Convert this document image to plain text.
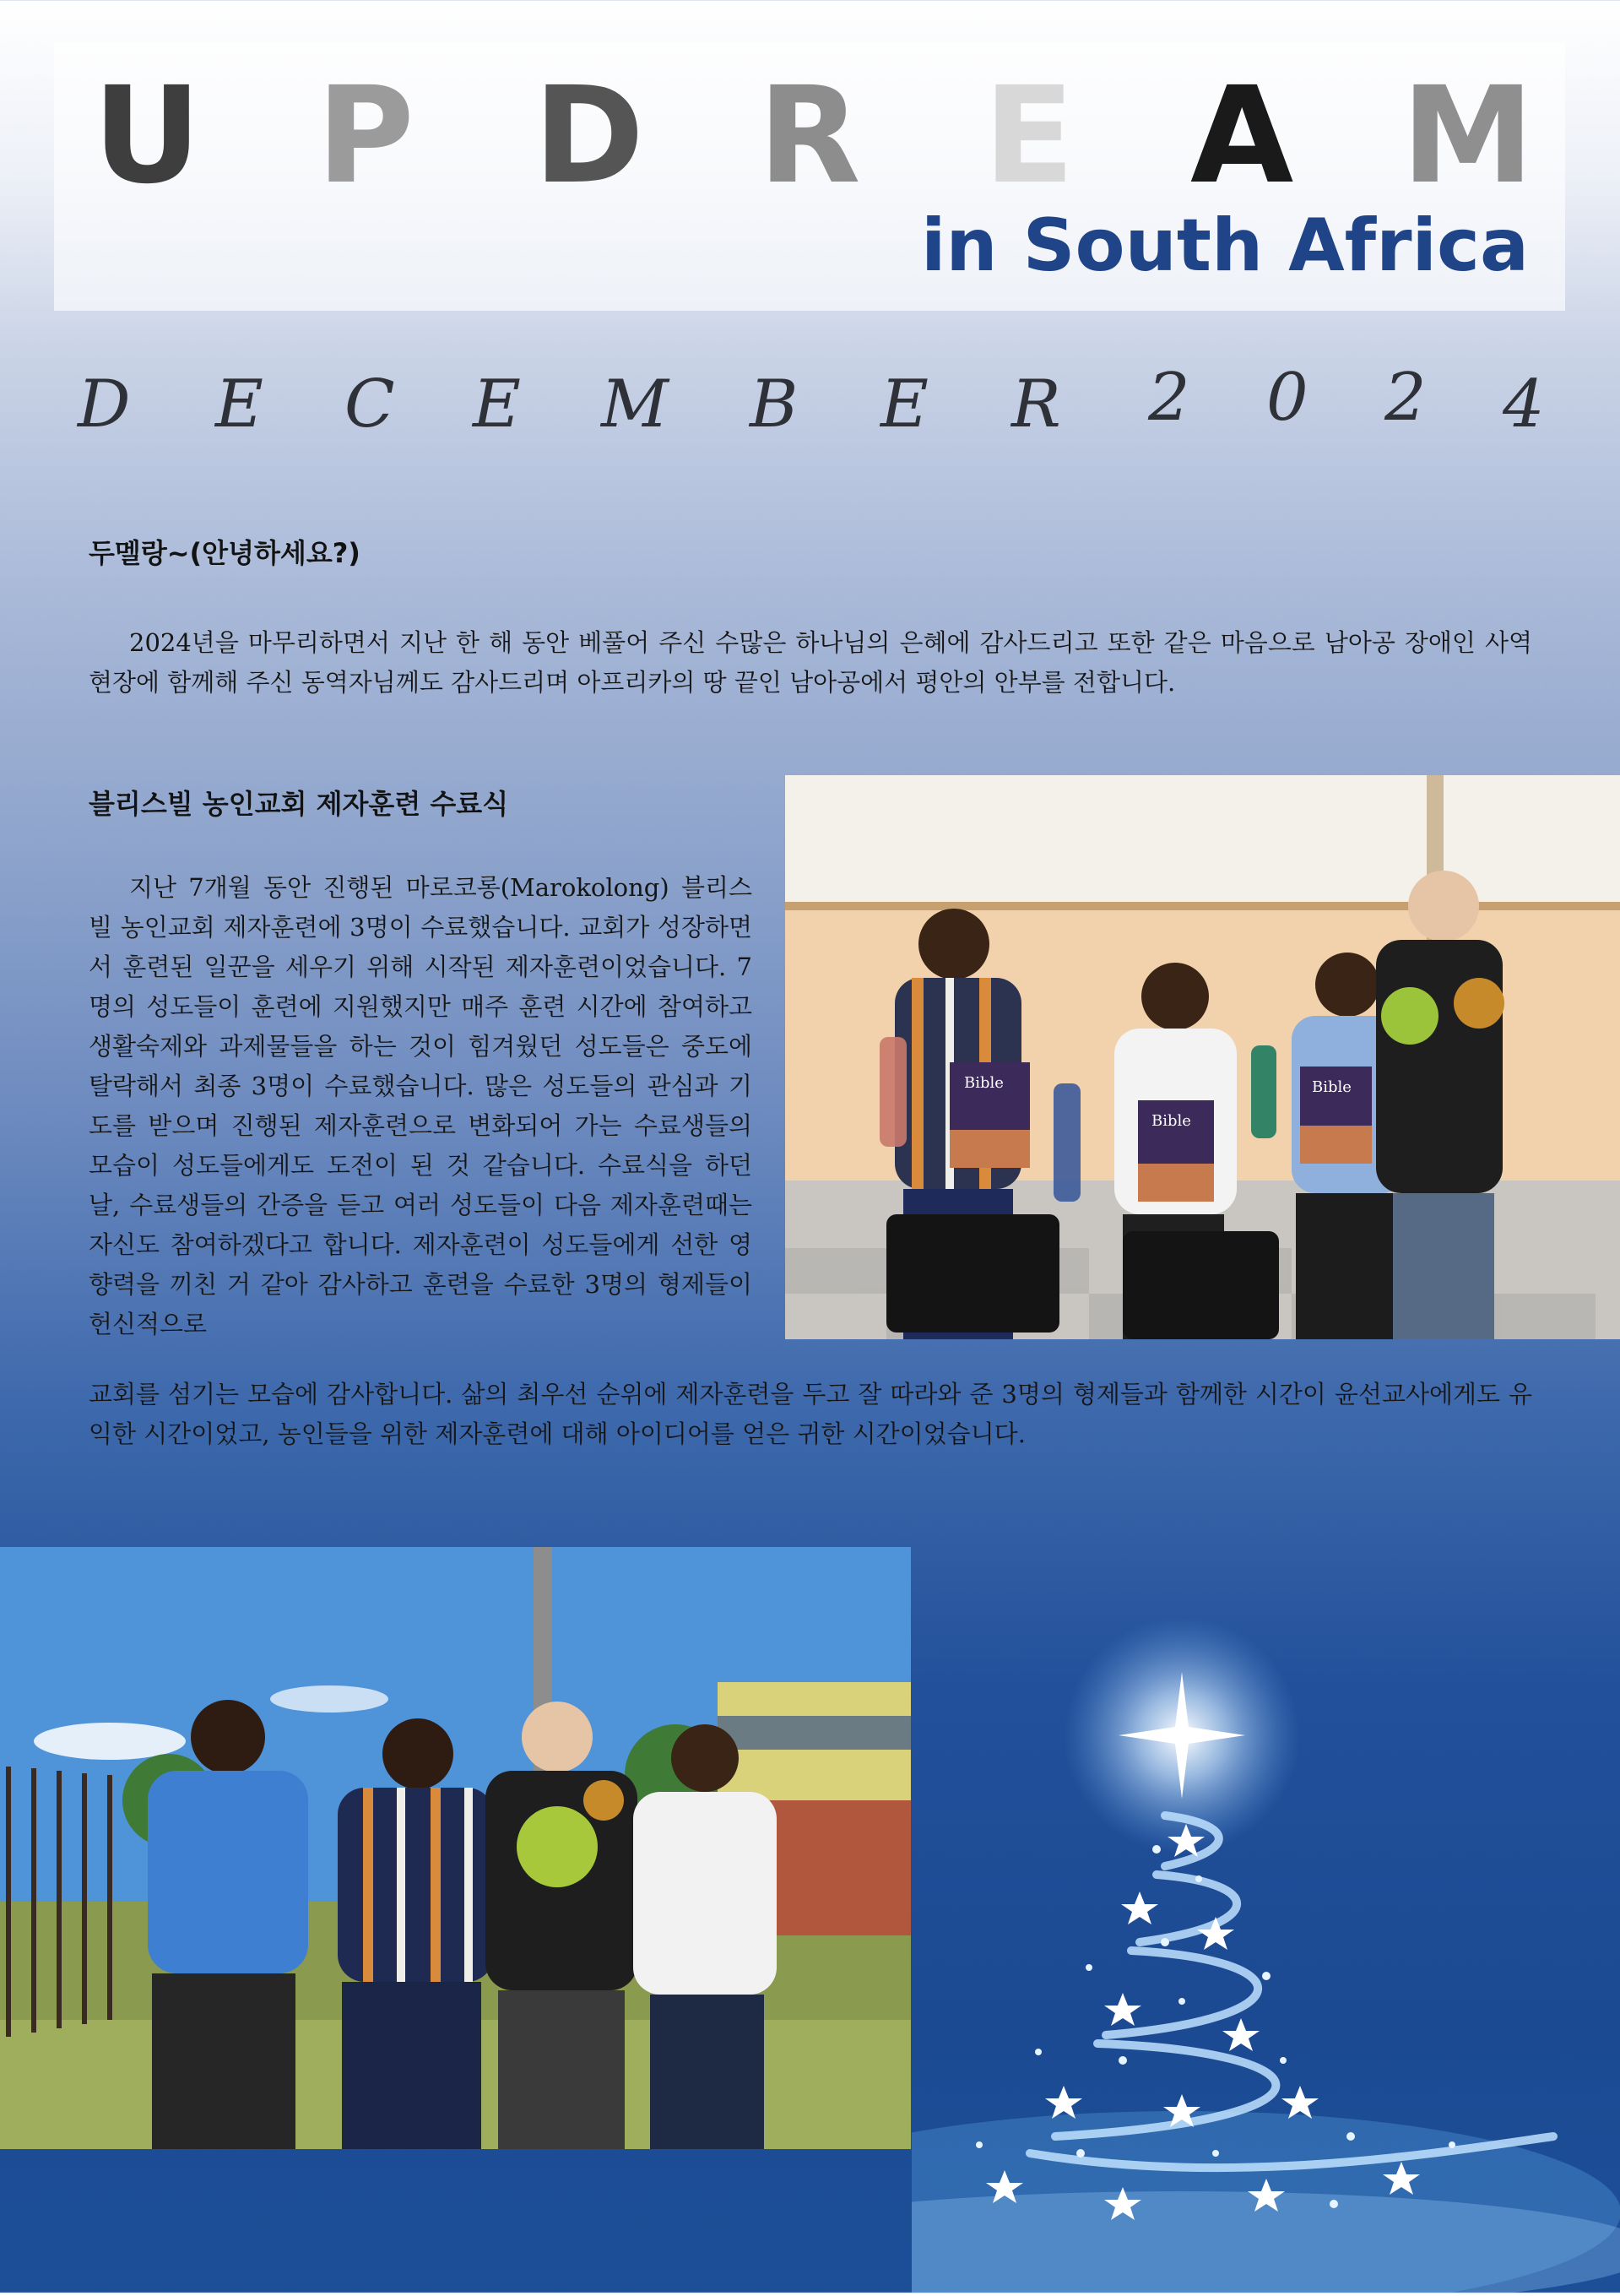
U P D R E A M
in South Africa
D E C E M B E R 2 0 2 4
두멜랑~(안녕하세요?)

2024년을 마무리하면서 지난 한 해 동안 베풀어 주신 수많은 하나님의 은혜에 감사드리고 또한 같은 마음으로 남아공 장애인 사역 현장에 함께해 주신 동역자님께도 감사드리며 아프리카의 땅 끝인 남아공에서 평안의 안부를 전합니다.

블리스빌 농인교회 제자훈련 수료식

지난 7개월 동안 진행된 마로코롱(Marokolong) 블리스빌 농인교회 제자훈련에 3명이 수료했습니다. 교회가 성장하면서 훈련된 일꾼을 세우기 위해 시작된 제자훈련이었습니다. 7명의 성도들이 훈련에 지원했지만 매주 훈련 시간에 참여하고 생활숙제와 과제물들을 하는 것이 힘겨웠던 성도들은 중도에 탈락해서 최종 3명이 수료했습니다. 많은 성도들의 관심과 기도를 받으며 진행된 제자훈련으로 변화되어 가는 수료생들의 모습이 성도들에게도 도전이 된 것 같습니다. 수료식을 하던 날, 수료생들의 간증을 듣고 여러 성도들이 다음 제자훈련때는 자신도 참여하겠다고 합니다. 제자훈련이 성도들에게 선한 영향력을 끼친 거 같아 감사하고 훈련을 수료한 3명의 형제들이 헌신적으로

교회를 섬기는 모습에 감사합니다. 삶의 최우선 순위에 제자훈련을 두고 잘 따라와 준 3명의 형제들과 함께한 시간이 윤선교사에게도 유익한 시간이었고, 농인들을 위한 제자훈련에 대해 아이디어를 얻은 귀한 시간이었습니다.

Bible
Bible
Bible
